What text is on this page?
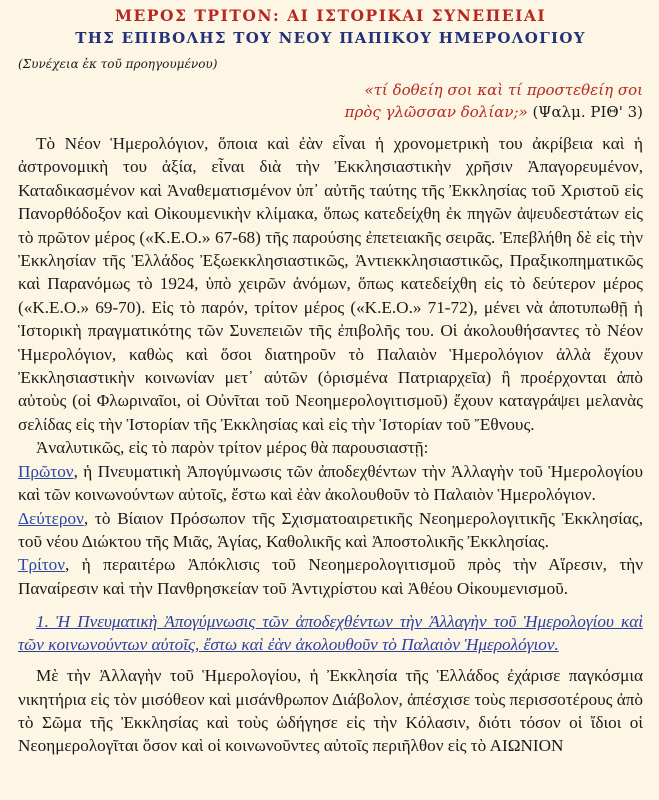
ΜΕΡΟΣ ΤΡΙΤΟΝ: ΑΙ ΙΣΤΟΡΙΚΑΙ ΣΥΝΕΠΕΙΑΙ
ΤΗΣ ΕΠΙΒΟΛΗΣ ΤΟΥ ΝΕΟΥ ΠΑΠΙΚΟΥ ΗΜΕΡΟΛΟΓΙΟΥ
(Συνέχεια ἐκ τοῦ προηγουμένου)
«τί δοθείη σοι καὶ τί προστεθείη σοι
πρὸς γλῶσσαν δολίαν;» (Ψαλμ. ΡΙΘ' 3)

Τὸ Νέον Ἡμερολόγιον, ὅποια καὶ ἐὰν εἶναι ἡ χρονομετρικὴ του ἀκρίβεια καὶ ἡ ἀστρονομικὴ του ἀξία, εἶναι διὰ τὴν Ἐκκλησιαστικὴν χρῆσιν Ἀπαγορευμένον, Καταδικασμένον καὶ Ἀναθεματισμένον ὑπ᾽ αὐτῆς ταύτης τῆς Ἐκκλησίας τοῦ Χριστοῦ εἰς Πανορθόδοξον καὶ Οἰκουμενικὴν κλίμακα, ὅπως κατεδείχθη ἐκ πηγῶν ἀψευδεστάτων εἰς τὸ πρῶτον μέρος («Κ.Ε.Ο.» 67-68) τῆς παρούσης ἐπετειακῆς σειρᾶς. Ἐπεβλήθη δὲ εἰς τὴν Ἐκκλησίαν τῆς Ἑλλάδος Ἐξωεκκλησιαστικῶς, Ἀντιεκκλησιαστικῶς, Πραξικοπηματικῶς καὶ Παρανόμως τὸ 1924, ὑπὸ χειρῶν ἀνόμων, ὅπως κατεδείχθη εἰς τὸ δεύτερον μέρος («Κ.Ε.Ο.» 69-70). Εἰς τὸ παρόν, τρίτον μέρος («Κ.Ε.Ο.» 71-72), μένει νὰ ἀποτυπωθῇ ἡ Ἱστορικὴ πραγματικότης τῶν Συνεπειῶν τῆς ἐπιβολῆς του. Οἱ ἀκολουθήσαντες τὸ Νέον Ἡμερολόγιον, καθὼς καὶ ὅσοι διατηροῦν τὸ Παλαιὸν Ἡμερολόγιον ἀλλὰ ἔχουν Ἐκκλησιαστικὴν κοινωνίαν μετ᾽ αὐτῶν (ὁρισμένα Πατριαρχεῖα) ἢ προέρχονται ἀπὸ αὐτοὺς (οἱ Φλωριναῖοι, οἱ Οὐνῖται τοῦ Νεοημερολογιτισμοῦ) ἔχουν καταγράψει μελανὰς σελίδας εἰς τὴν Ἱστορίαν τῆς Ἐκκλησίας καὶ εἰς τὴν Ἱστορίαν τοῦ Ἔθνους.

Ἀναλυτικῶς, εἰς τὸ παρὸν τρίτον μέρος θὰ παρουσιαστῇ:

Πρῶτον, ἡ Πνευματικὴ Ἀπογύμνωσις τῶν ἀποδεχθέντων τὴν Ἀλλαγὴν τοῦ Ἡμερολογίου καὶ τῶν κοινωνούντων αὐτοῖς, ἔστω καὶ ἐὰν ἀκολουθοῦν τὸ Παλαιὸν Ἡμερολόγιον.

Δεύτερον, τὸ Βίαιον Πρόσωπον τῆς Σχισματοαιρετικῆς Νεοημερολογιτικῆς Ἐκκλησίας, τοῦ νέου Διώκτου τῆς Μιᾶς, Ἁγίας, Καθολικῆς καὶ Ἀποστολικῆς Ἐκκλησίας.

Τρίτον, ἡ περαιτέρω Ἀπόκλισις τοῦ Νεοημερολογιτισμοῦ πρὸς τὴν Αἵρεσιν, τὴν Παναίρεσιν καὶ τὴν Πανθρησκείαν τοῦ Ἀντιχρίστου καὶ Ἀθέου Οἰκουμενισμοῦ.

1. Ἡ Πνευματικὴ Ἀπογύμνωσις τῶν ἀποδεχθέντων τὴν Ἀλλαγὴν τοῦ Ἡμερολογίου καὶ τῶν κοινωνούντων αὐτοῖς, ἔστω καὶ ἐὰν ἀκολουθοῦν τὸ Παλαιὸν Ἡμερολόγιον.

Μὲ τὴν Ἀλλαγὴν τοῦ Ἡμερολογίου, ἡ Ἐκκλησία τῆς Ἑλλάδος ἐχάρισε παγκόσμια νικητήρια εἰς τὸν μισόθεον καὶ μισάνθρωπον Διάβολον, ἀπέσχισε τοὺς περισσοτέρους ἀπὸ τὸ Σῶμα τῆς Ἐκκλησίας καὶ τοὺς ὡδήγησε εἰς τὴν Κόλασιν, διότι τόσον οἱ ἴδιοι οἱ Νεοημερολογῖται ὅσον καὶ οἱ κοινωνοῦντες αὐτοῖς περιῆλθον εἰς τὸ ΑΙΩΝΙΟΝ
